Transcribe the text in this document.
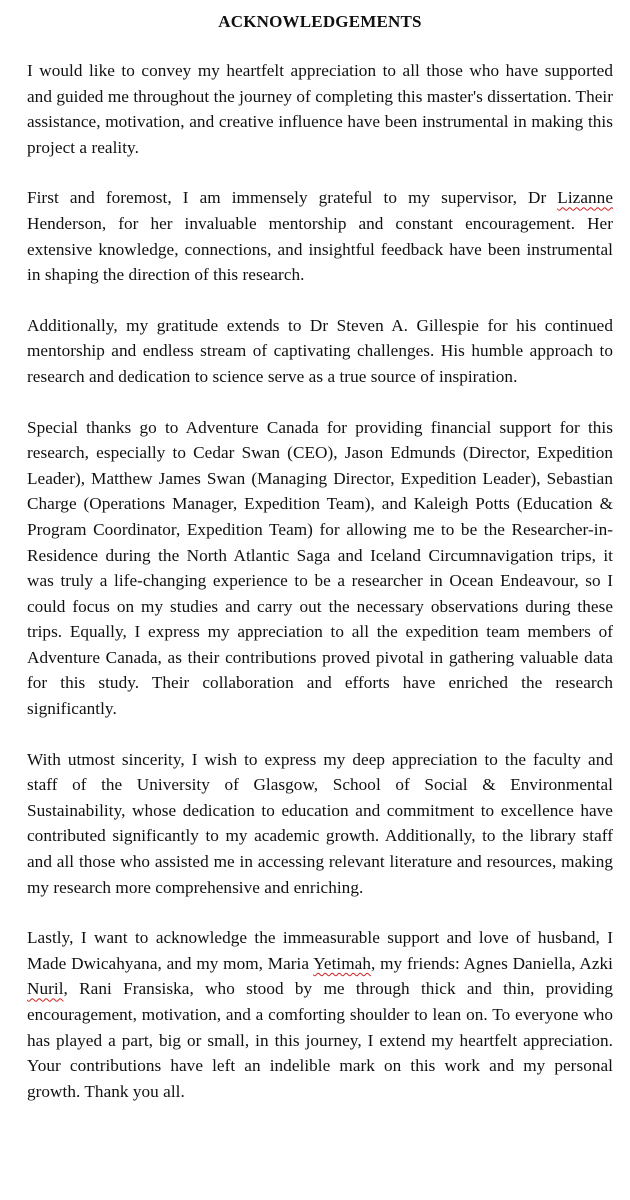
ACKNOWLEDGEMENTS

I would like to convey my heartfelt appreciation to all those who have supported and guided me throughout the journey of completing this master's dissertation. Their assistance, motivation, and creative influence have been instrumental in making this project a reality.

First and foremost, I am immensely grateful to my supervisor, Dr Lizanne Henderson, for her invaluable mentorship and constant encouragement. Her extensive knowledge, connections, and insightful feedback have been instrumental in shaping the direction of this research.

Additionally, my gratitude extends to Dr Steven A. Gillespie for his continued mentorship and endless stream of captivating challenges. His humble approach to research and dedication to science serve as a true source of inspiration.

Special thanks go to Adventure Canada for providing financial support for this research, especially to Cedar Swan (CEO), Jason Edmunds (Director, Expedition Leader), Matthew James Swan (Managing Director, Expedition Leader), Sebastian Charge (Operations Manager, Expedition Team), and Kaleigh Potts (Education & Program Coordinator, Expedition Team) for allowing me to be the Researcher-in-Residence during the North Atlantic Saga and Iceland Circumnavigation trips, it was truly a life-changing experience to be a researcher in Ocean Endeavour, so I could focus on my studies and carry out the necessary observations during these trips. Equally, I express my appreciation to all the expedition team members of Adventure Canada, as their contributions proved pivotal in gathering valuable data for this study. Their collaboration and efforts have enriched the research significantly.

With utmost sincerity, I wish to express my deep appreciation to the faculty and staff of the University of Glasgow, School of Social & Environmental Sustainability, whose dedication to education and commitment to excellence have contributed significantly to my academic growth. Additionally, to the library staff and all those who assisted me in accessing relevant literature and resources, making my research more comprehensive and enriching.

Lastly, I want to acknowledge the immeasurable support and love of husband, I Made Dwicahyana, and my mom, Maria Yetimah, my friends: Agnes Daniella, Azki Nuril, Rani Fransiska, who stood by me through thick and thin, providing encouragement, motivation, and a comforting shoulder to lean on. To everyone who has played a part, big or small, in this journey, I extend my heartfelt appreciation. Your contributions have left an indelible mark on this work and my personal growth. Thank you all.
